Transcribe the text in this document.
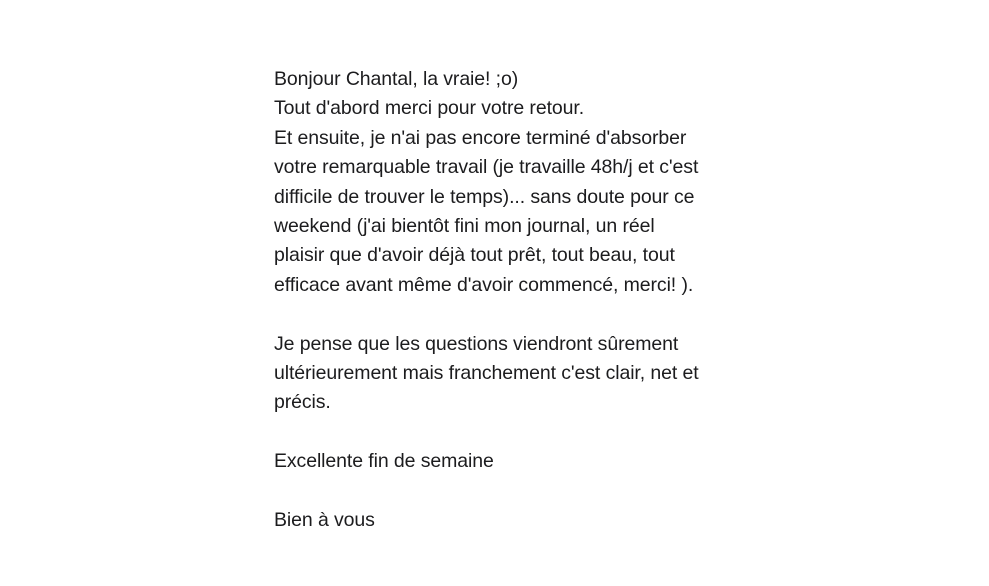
Bonjour Chantal, la vraie! ;o)
Tout d'abord merci pour votre retour.
Et ensuite, je n'ai pas encore terminé d'absorber
votre remarquable travail (je travaille 48h/j et c'est
difficile de trouver le temps)... sans doute pour ce
weekend (j'ai bientôt fini mon journal, un réel
plaisir que d'avoir déjà tout prêt, tout beau, tout
efficace avant même d'avoir commencé, merci! ).
Je pense que les questions viendront sûrement
ultérieurement mais franchement c'est clair, net et
précis.
Excellente fin de semaine
Bien à vous
